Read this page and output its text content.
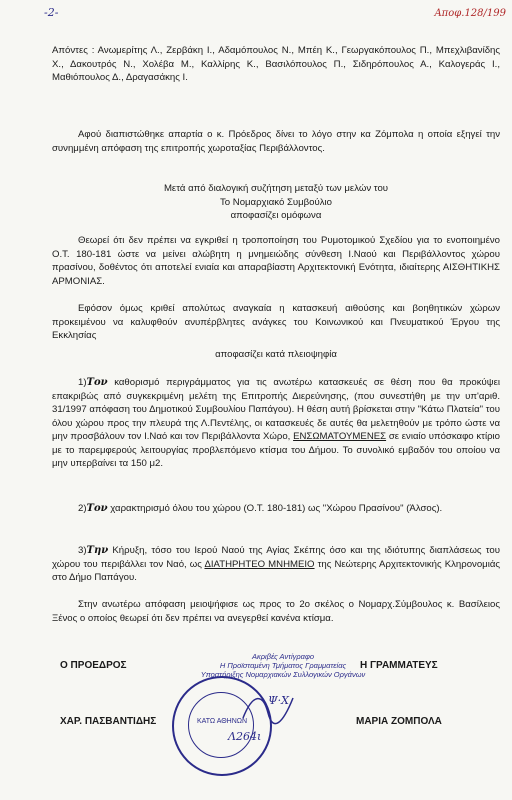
-2-	Απoφ.128/199

Απόντες : Ανωμερίτης Λ., Ζερβάκη Ι., Αδαμόπουλος Ν., Μπέη Κ., Γεωργακόπουλος Π., Μπεχλιβανίδης Χ., Δακουτρός Ν., Χολέβα Μ., Καλλίρης Κ., Βασιλόπουλος Π., Σιδηρόπουλος Α., Καλογεράς Ι., Μαθιόπουλος Δ., Δραγασάκης Ι.

Αφού διαπιστώθηκε απαρτία ο κ. Πρόεδρος δίνει το λόγο στην κα Ζόμπολα η οποία εξηγεί την συνημμένη απόφαση της επιτροπής χωροταξίας Περιβάλλοντος.

Μετά από διαλογική συζήτηση μεταξύ των μελών του
Το Νομαρχιακό Συμβούλιο
αποφασίζει ομόφωνα

Θεωρεί ότι δεν πρέπει να εγκριθεί η τροποποίηση του Ρυμοτομικού Σχεδίου για το ενοποιημένο Ο.Τ. 180-181 ώστε να μείνει αλώβητη η μνημειώδης σύνθεση Ι.Ναού και Περιβάλλοντος χώρου πρασίνου, δοθέντος ότι αποτελεί ενιαία και απαραβίαστη Αρχιτεκτονική Ενότητα, ιδιαίτερης ΑΙΣΘΗΤΙΚΗΣ ΑΡΜΟΝΙΑΣ.

Εφόσον όμως κριθεί απολύτως αναγκαία η κατασκευή αιθούσης και βοηθητικών χώρων προκειμένου να καλυφθούν ανυπέρβλητες ανάγκες του Κοινωνικού και Πνευματικού Έργου της Εκκλησίας

αποφασίζει κατά πλειοψηφία

1)Τον καθορισμό περιγράμματος για τις ανωτέρω κατασκευές σε θέση που θα προκύψει επακριβώς από συγκεκριμένη μελέτη της Επιτροπής Διερεύνησης, (που συνεστήθη με την υπ'αριθ. 31/1997 απόφαση του Δημοτικού Συμβουλίου Παπάγου). Η θέση αυτή βρίσκεται στην "Κάτω Πλατεία" του όλου χώρου προς την πλευρά της Λ.Πεντέλης, οι κατασκευές δε αυτές θα μελετηθούν με τρόπο ώστε να μην προσβάλουν τον Ι.Ναό και τον Περιβάλλοντα Χώρο, ΕΝΣΩΜΑΤΟΥΜΕΝΕΣ σε ενιαίο υπόσκαφο κτίριο με το παρεμφερούς λειτουργίας προβλεπόμενο κτίσμα του Δήμου. Το συνολικό εμβαδόν του οποίου να μην υπερβαίνει τα 150 μ2.

2)Τον χαρακτηρισμό όλου του χώρου (Ο.Τ. 180-181) ως "Χώρου Πρασίνου" (Άλσος).

3)Την Κήρυξη, τόσο του Ιερού Ναού της Αγίας Σκέπης όσο και της ιδιότυπης διαπλάσεως του χώρου του περιβάλλει τον Ναό, ως ΔΙΑΤΗΡΗΤΕΟ ΜΝΗΜΕΙΟ της Νεώτερης Αρχιτεκτονικής Κληρονομιάς στο Δήμο Παπάγου.

Στην ανωτέρω απόφαση μειοψήφισε ως προς το 2ο σκέλος ο Νομαρχ.Σύμβουλος κ. Βασίλειος Ξένος ο οποίος θεωρεί ότι δεν πρέπει να ανεγερθεί κανένα κτίσμα.

Ακριβές Αντίγραφο
Η Προϊσταμένη Τμήματος Γραμματείας
Υποστήριξης Νομαρχιακών Συλλογικών Οργάνων
Ο ΠΡΟΕΔΡΟΣ	Η ΓΡΑΜΜΑΤΕΥΣ
ΚΑΤΩ ΑΘΗΝΩΝ
Ψ·Χ
Λ264ι
ΧΑΡ. ΠΑΣΒΑΝΤΙΔΗΣ	ΜΑΡΙΑ ΖΟΜΠΟΛΑ
